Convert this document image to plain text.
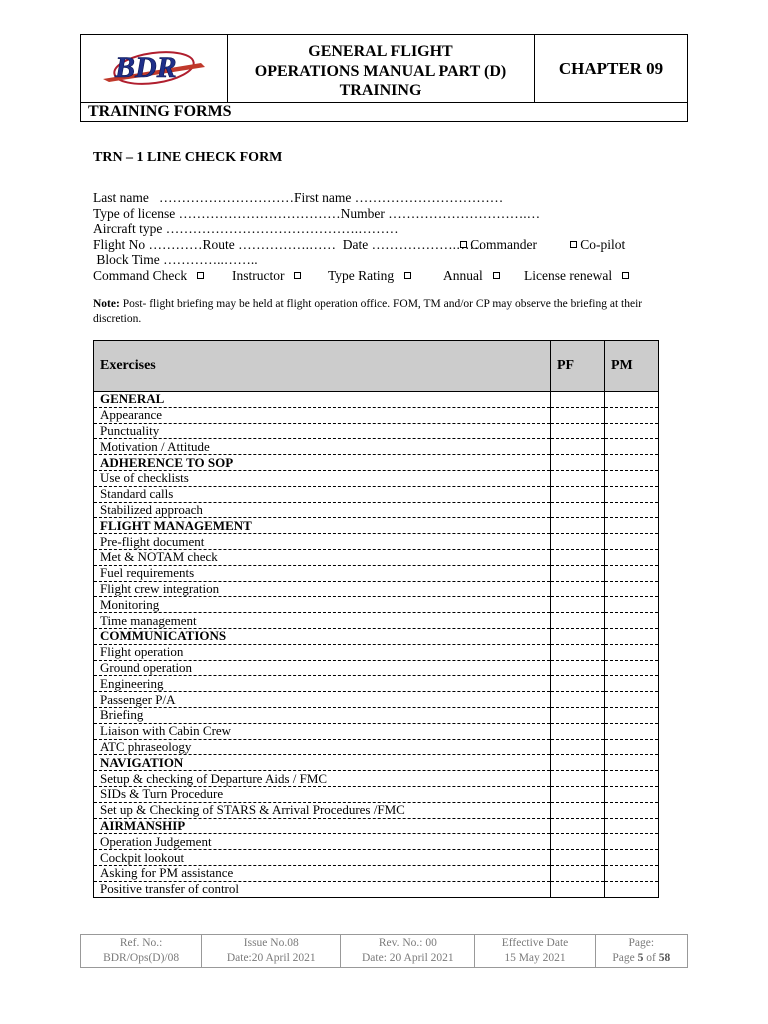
BDR	GENERAL FLIGHT
OPERATIONS MANUAL PART (D)
TRAINING
CHAPTER 09
TRAINING FORMS
TRN – 1 LINE CHECK FORM
Last name   …………………………First name ……………………………
Type of license ………………………………Number ………………………….…
Aircraft type …………………………………….………

Commander
	Co-pilot

Flight No …………Route …………….……  Date ……………….……
Block Time …………..……..
Command Check	Instructor	Type Rating	Annual	License renewal
Note: Post- flight briefing may be held at flight operation office. FOM, TM and/or CP may observe the briefing at their discretion.
Exercises	PF	PM
GENERAL		
Appearance		
Punctuality		
Motivation / Attitude		
ADHERENCE TO SOP		
Use of checklists		
Standard calls		
Stabilized approach		
FLIGHT MANAGEMENT		
Pre-flight document		
Met & NOTAM check		
Fuel requirements		
Flight crew integration		
Monitoring		
Time management		
COMMUNICATIONS		
Flight operation		
Ground operation		
Engineering		
Passenger P/A		
Briefing		
Liaison with Cabin Crew		
ATC phraseology		
NAVIGATION		
Setup & checking of Departure Aids / FMC		
SIDs & Turn Procedure		
Set up & Checking of STARS & Arrival Procedures /FMC		
AIRMANSHIP		
Operation Judgement		
Cockpit lookout		
Asking for PM assistance		
Positive transfer of control		
Ref. No.:
BDR/Ops(D)/08
Issue No.08
Date:20 April 2021
Rev. No.: 00
Date: 20 April 2021
Effective Date
15 May 2021
Page:
Page 5 of 58
